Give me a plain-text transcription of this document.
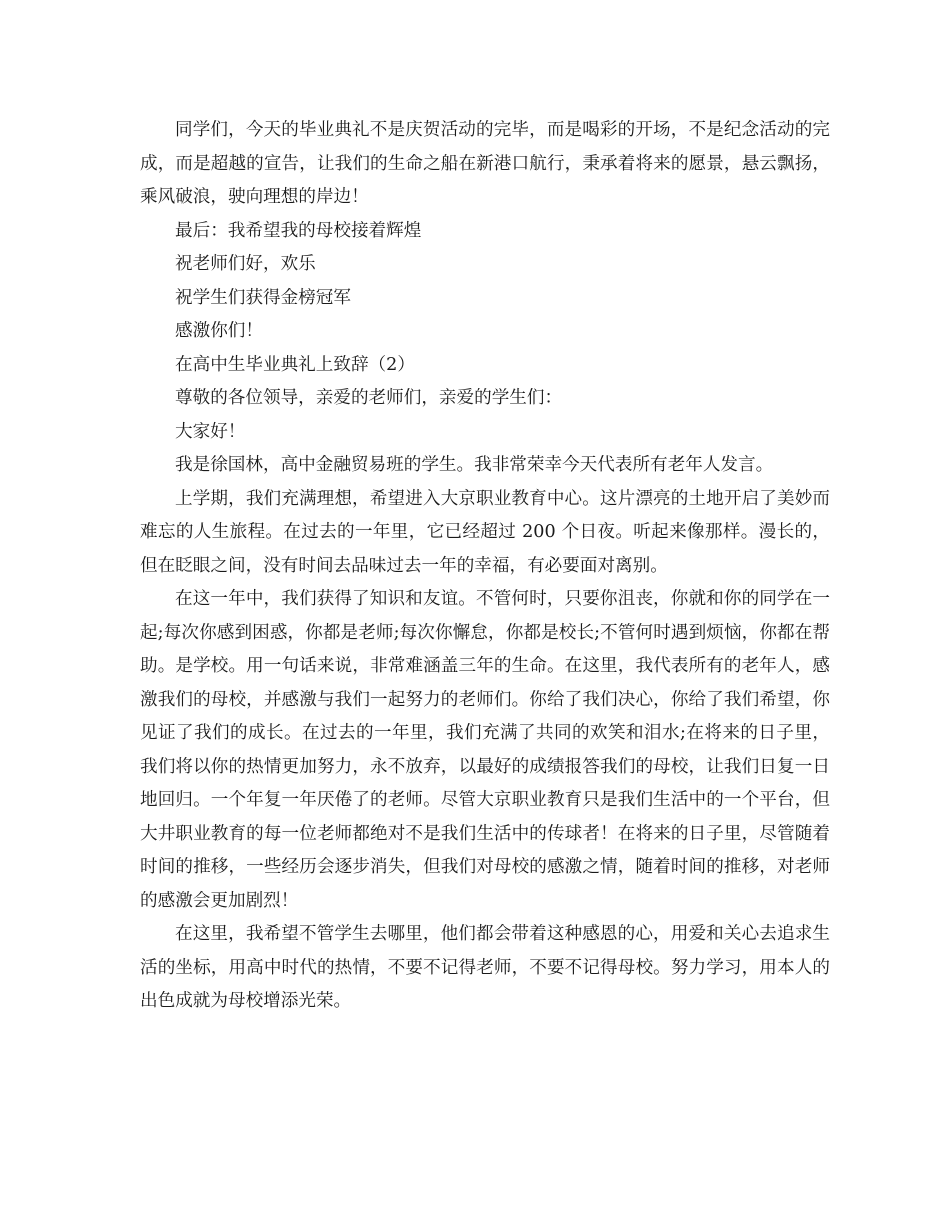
同学们，今天的毕业典礼不是庆贺活动的完毕，而是喝彩的开场，不是纪念活动的完成，而是超越的宣告，让我们的生命之船在新港口航行，秉承着将来的愿景，悬云飘扬，乘风破浪，驶向理想的岸边！

最后：我希望我的母校接着辉煌

祝老师们好，欢乐

祝学生们获得金榜冠军

感激你们！

在高中生毕业典礼上致辞（2）

尊敬的各位领导，亲爱的老师们，亲爱的学生们：

大家好！

我是徐国林，高中金融贸易班的学生。我非常荣幸今天代表所有老年人发言。

上学期，我们充满理想，希望进入大京职业教育中心。这片漂亮的土地开启了美妙而难忘的人生旅程。在过去的一年里，它已经超过 200 个日夜。听起来像那样。漫长的，但在眨眼之间，没有时间去品味过去一年的幸福，有必要面对离别。

在这一年中，我们获得了知识和友谊。不管何时，只要你沮丧，你就和你的同学在一起;每次你感到困惑，你都是老师;每次你懈怠，你都是校长;不管何时遇到烦恼，你都在帮助。是学校。用一句话来说，非常难涵盖三年的生命。在这里，我代表所有的老年人，感激我们的母校，并感激与我们一起努力的老师们。你给了我们决心，你给了我们希望，你见证了我们的成长。在过去的一年里，我们充满了共同的欢笑和泪水;在将来的日子里，我们将以你的热情更加努力，永不放弃，以最好的成绩报答我们的母校，让我们日复一日地回归。一个年复一年厌倦了的老师。尽管大京职业教育只是我们生活中的一个平台，但大井职业教育的每一位老师都绝对不是我们生活中的传球者！在将来的日子里，尽管随着时间的推移，一些经历会逐步消失，但我们对母校的感激之情，随着时间的推移，对老师的感激会更加剧烈！

在这里，我希望不管学生去哪里，他们都会带着这种感恩的心，用爱和关心去追求生活的坐标，用高中时代的热情，不要不记得老师，不要不记得母校。努力学习，用本人的出色成就为母校增添光荣。
